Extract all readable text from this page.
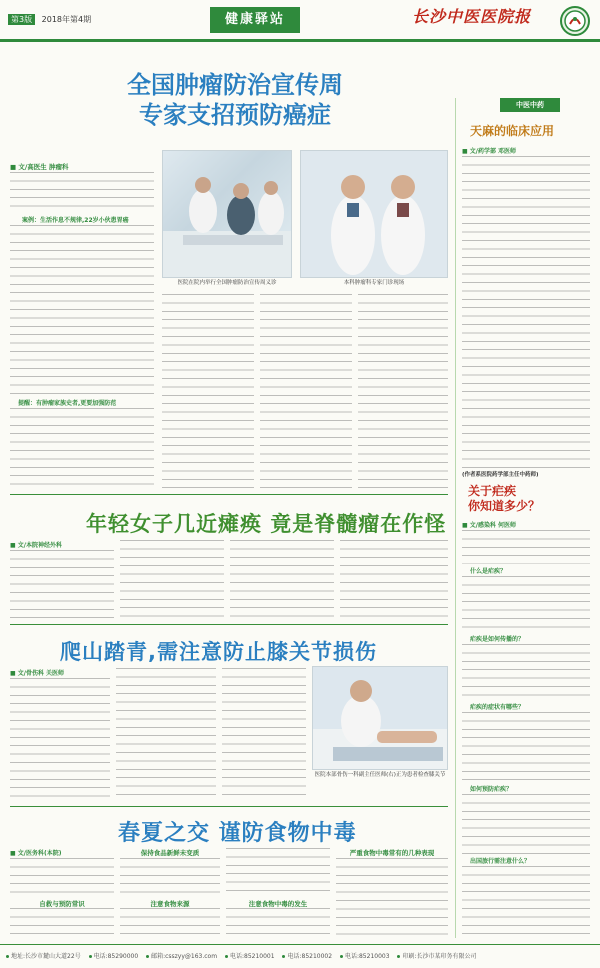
第3版 2018年第4期	健康驿站	长沙中医医院报
全国肿瘤防治宣传周
专家支招预防癌症
■ 文/高医生 肿瘤科
案例：生活作息不规律,22岁小伙患胃癌
提醒：有肿瘤家族史者,更要加强防范
医院在院内举行全国肿瘤防治宣传周义诊	本科肿瘤科专家门诊现场
年轻女子几近瘫痪 竟是脊髓瘤在作怪
■ 文/本院神经外科
爬山踏青,需注意防止膝关节损伤
■ 文/骨伤科 关医师
医院本部骨伤一科副主任医师(右)正为患者检查膝关节
春夏之交 谨防食物中毒
■ 文/医务科(本院)
自救与预防常识
保持食品新鲜未变质
注意食物来源	注意食物中毒的发生
严重食物中毒常有的几种表现
中医中药
天麻的临床应用
■ 文/药学部 邓医师
(作者系医院药学部主任中药师)
关于疟疾
你知道多少？
■ 文/感染科 何医师
什么是疟疾？
疟疾是如何传播的？
疟疾的症状有哪些？
如何预防疟疾？
出国旅行需注意什么？
地址:长沙市麓山大道22号 电话:85290000 邮箱:csszyy@163.com 电话:85210001 电话:85210002 电话:85210003 印刷:长沙市某印务有限公司
